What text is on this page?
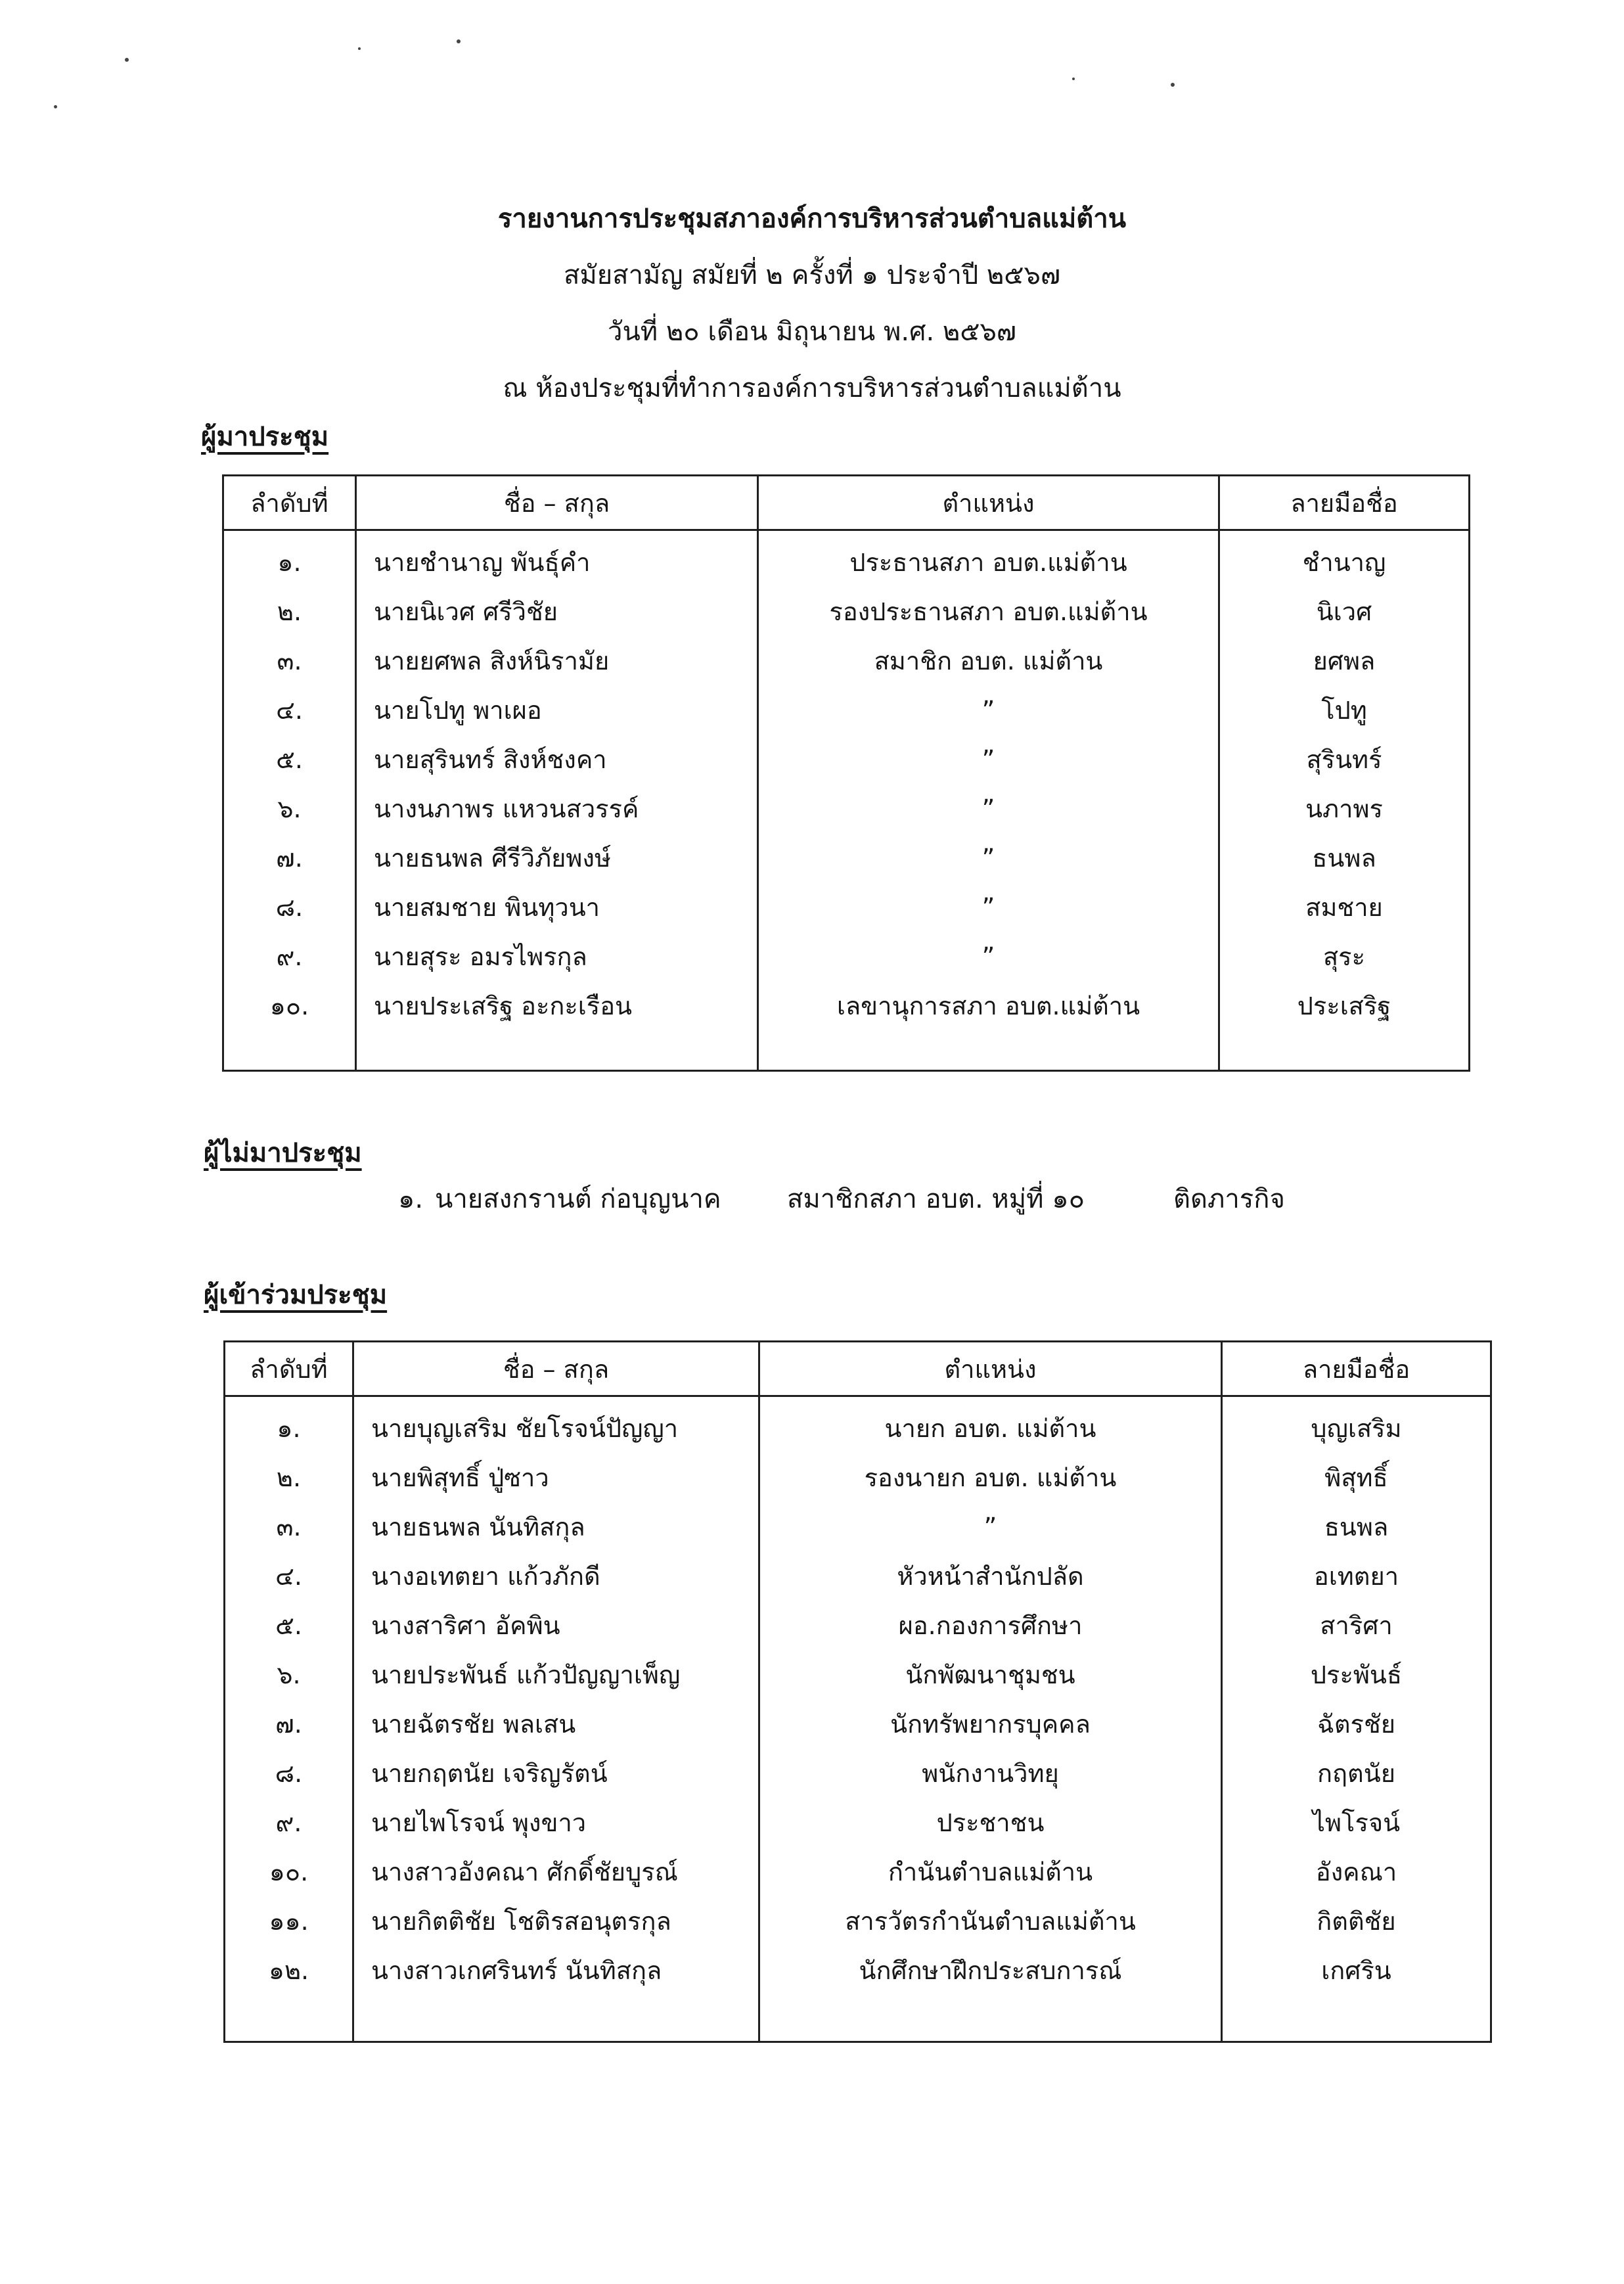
รายงานการประชุมสภาองค์การบริหารส่วนตำบลแม่ต้าน
สมัยสามัญ สมัยที่ ๒ ครั้งที่ ๑ ประจำปี ๒๕๖๗
วันที่ ๒๐ เดือน มิถุนายน พ.ศ. ๒๕๖๗
ณ ห้องประชุมที่ทำการองค์การบริหารส่วนตำบลแม่ต้าน
ผู้มาประชุม
ลำดับที่	ชื่อ – สกุล	ตำแหน่ง	ลายมือชื่อ
๑.	นายชำนาญ พันธุ์คำ	ประธานสภา อบต.แม่ต้าน	ชำนาญ
๒.	นายนิเวศ ศรีวิชัย	รองประธานสภา อบต.แม่ต้าน	นิเวศ
๓.	นายยศพล สิงห์นิรามัย	สมาชิก อบต. แม่ต้าน	ยศพล
๔.	นายโปทู พาเผอ	”	โปทู
๕.	นายสุรินทร์ สิงห์ชงคา	”	สุรินทร์
๖.	นางนภาพร แหวนสวรรค์	”	นภาพร
๗.	นายธนพล ศีรีวิภัยพงษ์	”	ธนพล
๘.	นายสมชาย พินทุวนา	”	สมชาย
๙.	นายสุระ อมรไพรกุล	”	สุระ
๑๐.	นายประเสริฐ อะกะเรือน	เลขานุการสภา อบต.แม่ต้าน	ประเสริฐ

ผู้ไม่มาประชุม
๑. นายสงกรานต์ ก่อบุญนาค	สมาชิกสภา อบต. หมู่ที่ ๑๐	ติดภารกิจ
ผู้เข้าร่วมประชุม
ลำดับที่	ชื่อ – สกุล	ตำแหน่ง	ลายมือชื่อ
๑.	นายบุญเสริม ชัยโรจน์ปัญญา	นายก อบต. แม่ต้าน	บุญเสริม
๒.	นายพิสุทธิ์ ปู่ซาว	รองนายก อบต. แม่ต้าน	พิสุทธิ์
๓.	นายธนพล นันทิสกุล	”	ธนพล
๔.	นางอเทตยา แก้วภักดี	หัวหน้าสำนักปลัด	อเทตยา
๕.	นางสาริศา อัคพิน	ผอ.กองการศึกษา	สาริศา
๖.	นายประพันธ์ แก้วปัญญาเพ็ญ	นักพัฒนาชุมชน	ประพันธ์
๗.	นายฉัตรชัย พลเสน	นักทรัพยากรบุคคล	ฉัตรชัย
๘.	นายกฤตนัย เจริญรัตน์	พนักงานวิทยุ	กฤตนัย
๙.	นายไพโรจน์ พุงขาว	ประชาชน	ไพโรจน์
๑๐.	นางสาวอังคณา ศักดิ์ชัยบูรณ์	กำนันตำบลแม่ต้าน	อังคณา
๑๑.	นายกิตติชัย โชติรสอนุตรกุล	สารวัตรกำนันตำบลแม่ต้าน	กิตติชัย
๑๒.	นางสาวเกศรินทร์ นันทิสกุล	นักศึกษาฝึกประสบการณ์	เกศริน
